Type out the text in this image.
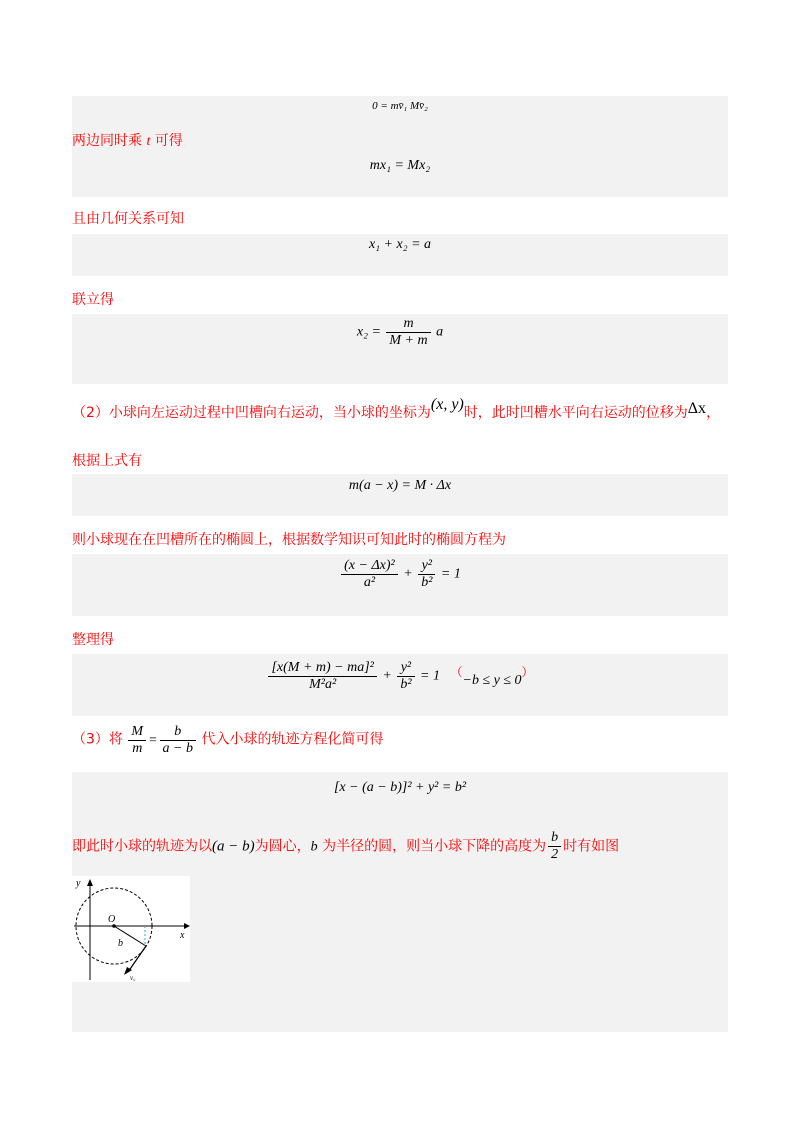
0 = mv̄₁ Mv̄₂
mx₁ = Mx₂
两边同时乘 t 可得
且由几何关系可知
x₁ + x₂ = a
联立得
$x_2 = \frac{m}{M + m}$ a
（2）小球向左运动过程中凹槽向右运动，当小球的坐标为(x, y)时，此时凹槽水平向右运动的位移为Δx，
根据上式有
m(a − x) = M · Δx
则小球现在在凹槽所在的椭圆上，根据数学知识可知此时的椭圆方程为
$\frac{\text{(x − Δx)²}}{\text{a²}} + \frac{\text{y²}}{\text{b²}} = 1$
整理得
$\frac{\text{[x(M + m) − ma]²}}{\text{M²a²}} + \frac{\text{y²}}{\text{b²}} = 1$ （−b ≤ y ≤ 0）
（3）将 $\frac{M}{m} = \frac{b}{a - b}$ 代入小球的轨迹方程化简可得
[x − (a − b)]² + y² = b²
即此时小球的轨迹为以(a − b)为圆心，b 为半径的圆，则当小球下降的高度为 $\frac{b}{2}$ 时有如图
y
x
O
b
v꜀
